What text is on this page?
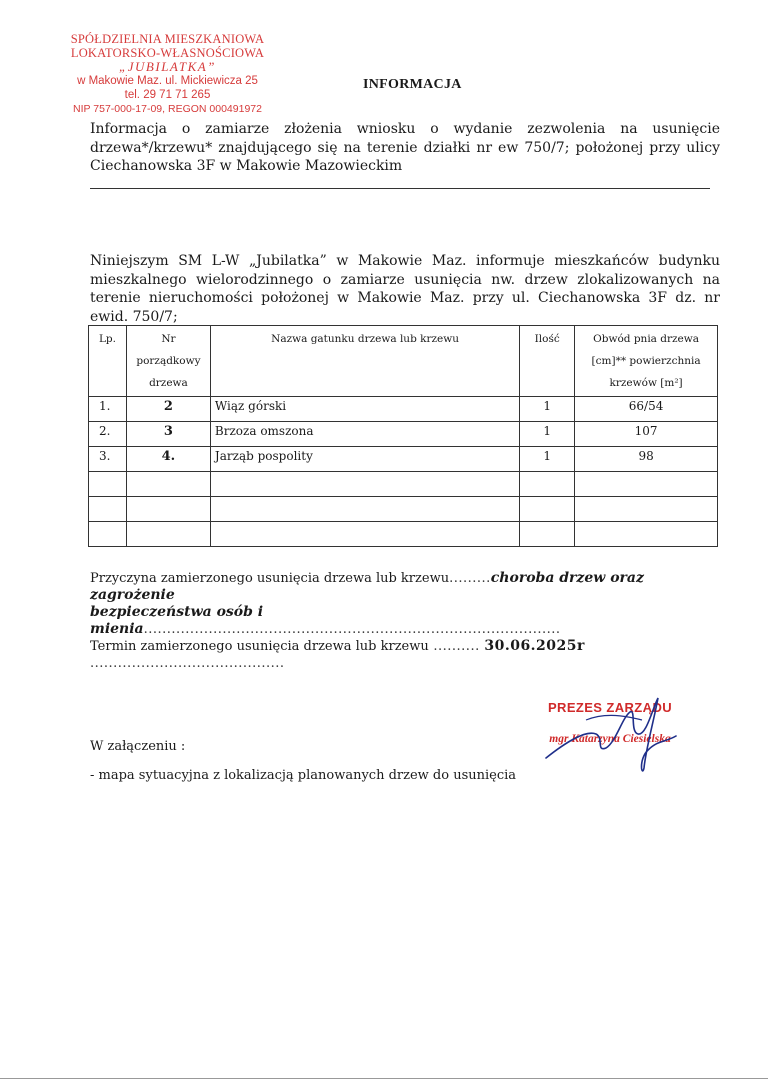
SPÓŁDZIELNIA MIESZKANIOWA
LOKATORSKO-WŁASNOŚCIOWA
„JUBILATKA”
w Makowie Maz. ul. Mickiewicza 25
tel. 29 71 71 265
NIP 757-000-17-09, REGON 000491972
INFORMACJA
Informacja o zamiarze złożenia wniosku o wydanie zezwolenia na usunięcie drzewa*/krzewu* znajdującego się na terenie działki nr ew 750/7; położonej przy ulicy Ciechanowska 3F w Makowie Mazowieckim
Niniejszym SM L-W „Jubilatka” w Makowie Maz. informuje mieszkańców budynku mieszkalnego wielorodzinnego o zamiarze usunięcia nw. drzew zlokalizowanych na terenie nieruchomości położonej w Makowie Maz. przy ul. Ciechanowska 3F dz. nr ewid. 750/7;
Lp.	Nr porządkowy drzewa	Nazwa gatunku drzewa lub krzewu	Ilość	Obwód pnia drzewa [cm]** powierzchnia krzewów [m²]
1.	2	Wiąz górski	1	66/54
2.	3	Brzoza omszona	1	107
3.	4.	Jarząb pospolity	1	98

Przyczyna zamierzonego usunięcia drzewa lub krzewu.........choroba drzew oraz zagrożenie
bezpieczeństwa osób i mienia..........................................................................................
Termin zamierzonego usunięcia drzewa lub krzewu .......... 30.06.2025r ..........................................
W załączeniu :
- mapa sytuacyjna z lokalizacją planowanych drzew do usunięcia
PREZES ZARZĄDU
mgr Katarzyna Ciesielska
